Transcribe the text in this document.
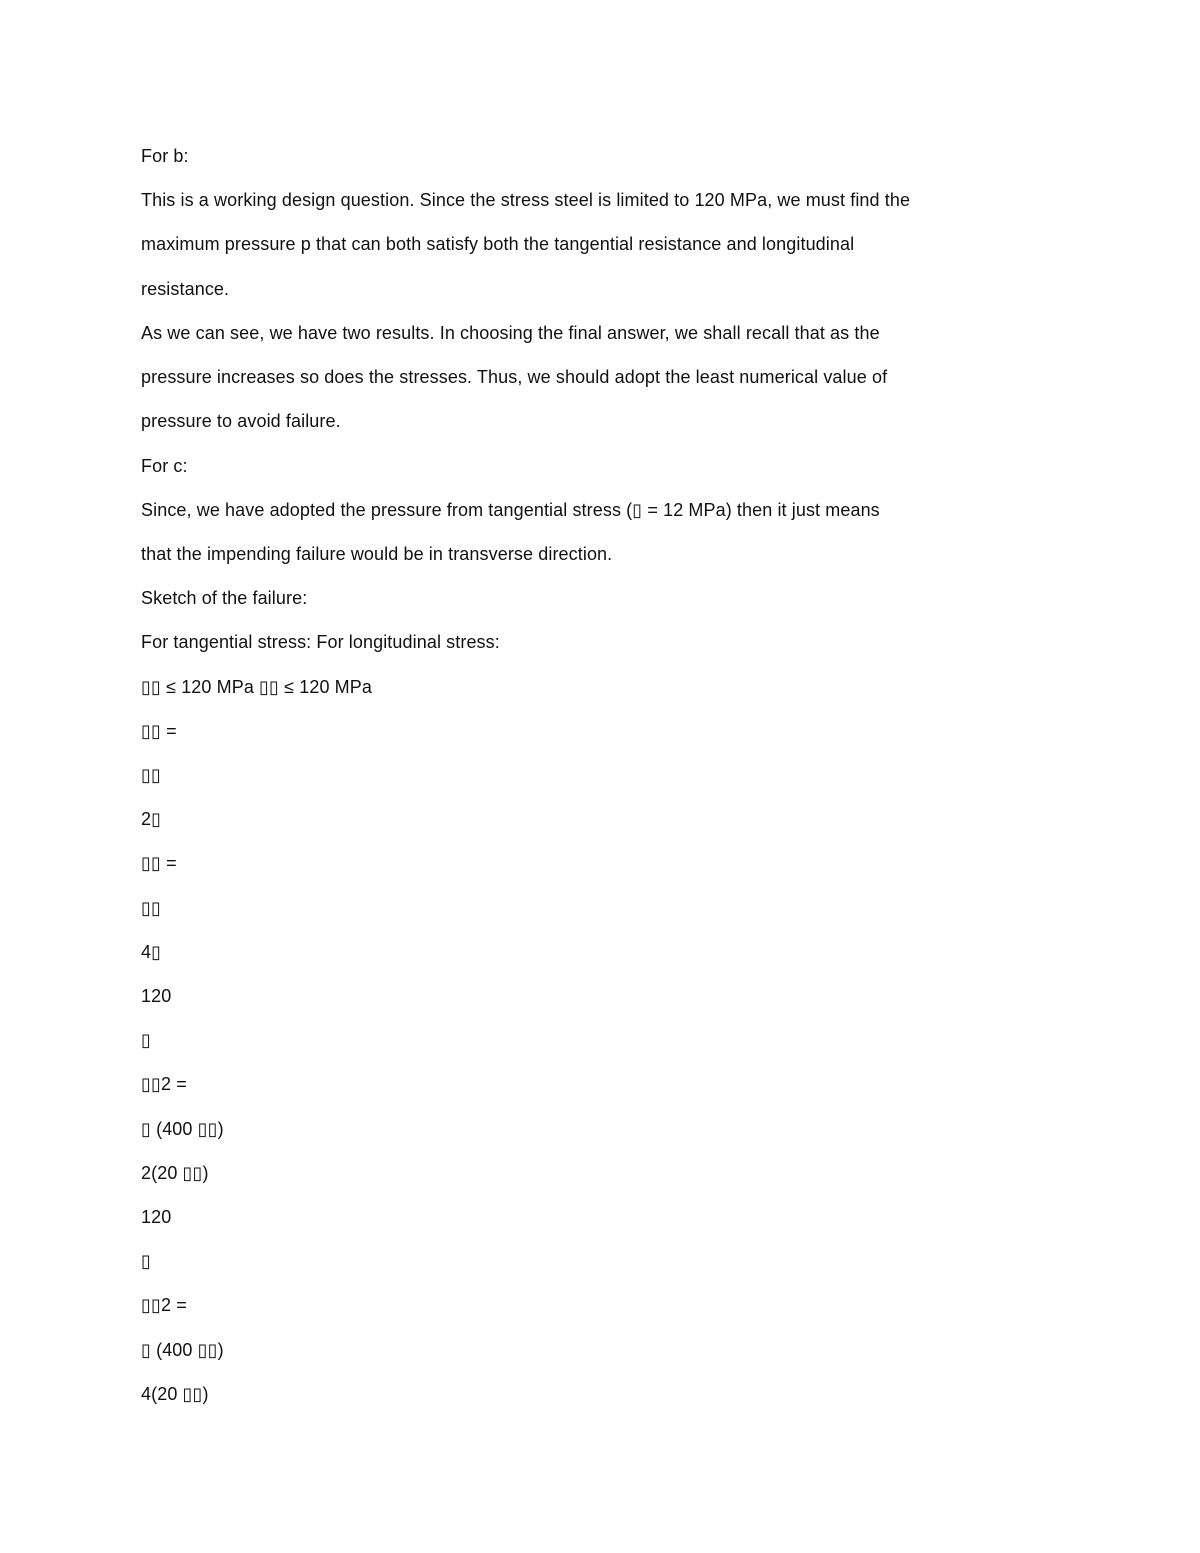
For b:
This is a working design question. Since the stress steel is limited to 120 MPa, we must find the
maximum pressure p that can both satisfy both the tangential resistance and longitudinal
resistance.
As we can see, we have two results. In choosing the final answer, we shall recall that as the
pressure increases so does the stresses. Thus, we should adopt the least numerical value of
pressure to avoid failure.
For c:
Since, we have adopted the pressure from tangential stress (▯ = 12 MPa) then it just means
that the impending failure would be in transverse direction.
Sketch of the failure:
For tangential stress: For longitudinal stress:
▯▯ ≤ 120 MPa ▯▯ ≤ 120 MPa
▯▯ =
▯▯
2▯
▯▯ =
▯▯
4▯
120
▯
▯▯2 =
▯ (400 ▯▯)
2(20 ▯▯)
120
▯
▯▯2 =
▯ (400 ▯▯)
4(20 ▯▯)
